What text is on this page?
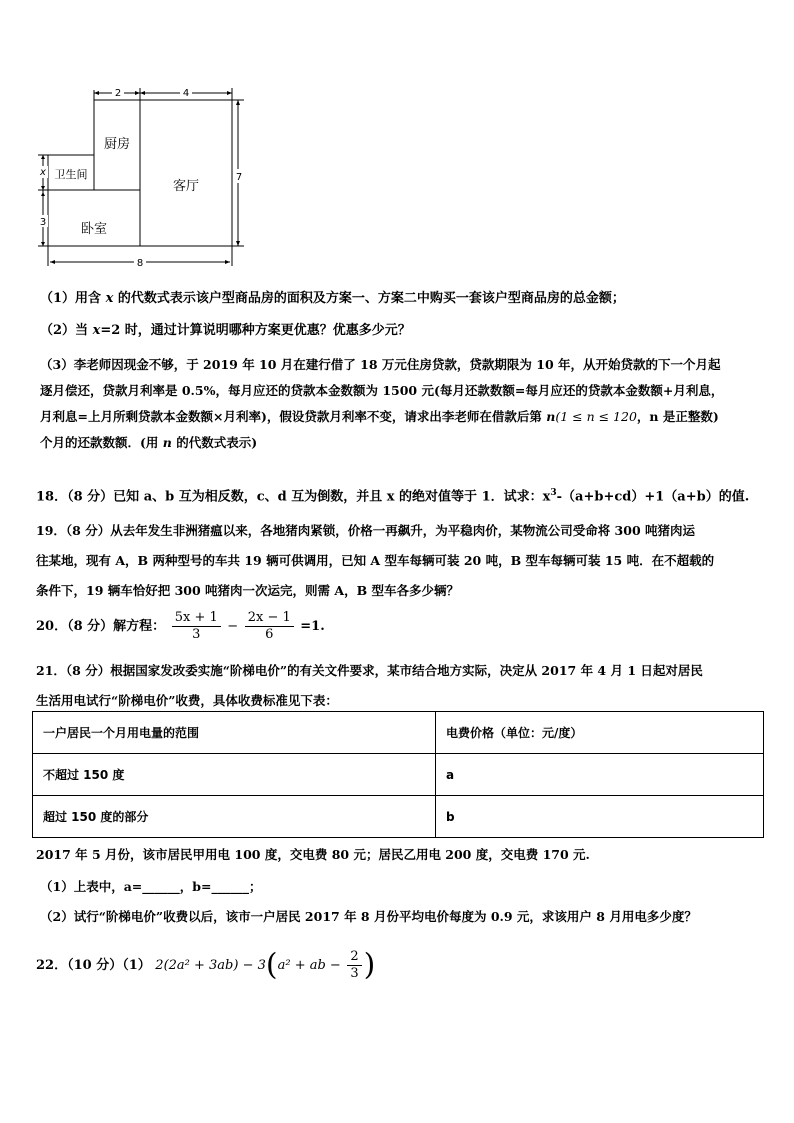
2	4
7
8
x
3
厨房
卫生间
客厅
卧室
（1）用含 x 的代数式表示该户型商品房的面积及方案一、方案二中购买一套该户型商品房的总金额；
（2）当 x=2 时，通过计算说明哪种方案更优惠？优惠多少元？
（3）李老师因现金不够，于 2019 年 10 月在建行借了 18 万元住房贷款，贷款期限为 10 年，从开始贷款的下一个月起
逐月偿还，贷款月利率是 0.5%，每月应还的贷款本金数额为 1500 元(每月还款数额=每月应还的贷款本金数额+月利息，
月利息=上月所剩贷款本金数额×月利率)，假设贷款月利率不变，请求出李老师在借款后第 n(1 ≤ n ≤ 120，n 是正整数)
个月的还款数额．(用 n 的代数式表示)
18．（8 分）已知 a、b 互为相反数，c、d 互为倒数，并且 x 的绝对值等于 1．试求：$x^3-(a+b+cd)+1(a+b)$的值.
19．（8 分）从去年发生非洲猪瘟以来，各地猪肉紧锁，价格一再飙升，为平稳肉价，某物流公司受命将 300 吨猪肉运
往某地，现有 A，B 两种型号的车共 19 辆可供调用，已知 A 型车每辆可装 20 吨，B 型车每辆可装 15 吨．在不超载的
条件下，19 辆车恰好把 300 吨猪肉一次运完，则需 A，B 型车各多少辆？
20．（8 分）解方程： $\frac{5x + 1}{3} - \frac{2x - 1}{6} =1$.
21．（8 分）根据国家发改委实施“阶梯电价”的有关文件要求，某市结合地方实际，决定从 2017 年 4 月 1 日起对居民
生活用电试行“阶梯电价”收费，具体收费标准见下表：
一户居民一个月用电量的范围	电费价格（单位：元/度）
不超过 150 度	a
超过 150 度的部分	b
2017 年 5 月份，该市居民甲用电 100 度，交电费 80 元；居民乙用电 200 度，交电费 170 元.
（1）上表中，a=______，b=______；
（2）试行“阶梯电价”收费以后，该市一户居民 2017 年 8 月份平均电价每度为 0.9 元，求该用户 8 月用电多少度？
22．（10 分）（1） 2(2a² + 3ab) − 3(a² + ab − $\frac{2}{3}$ )
